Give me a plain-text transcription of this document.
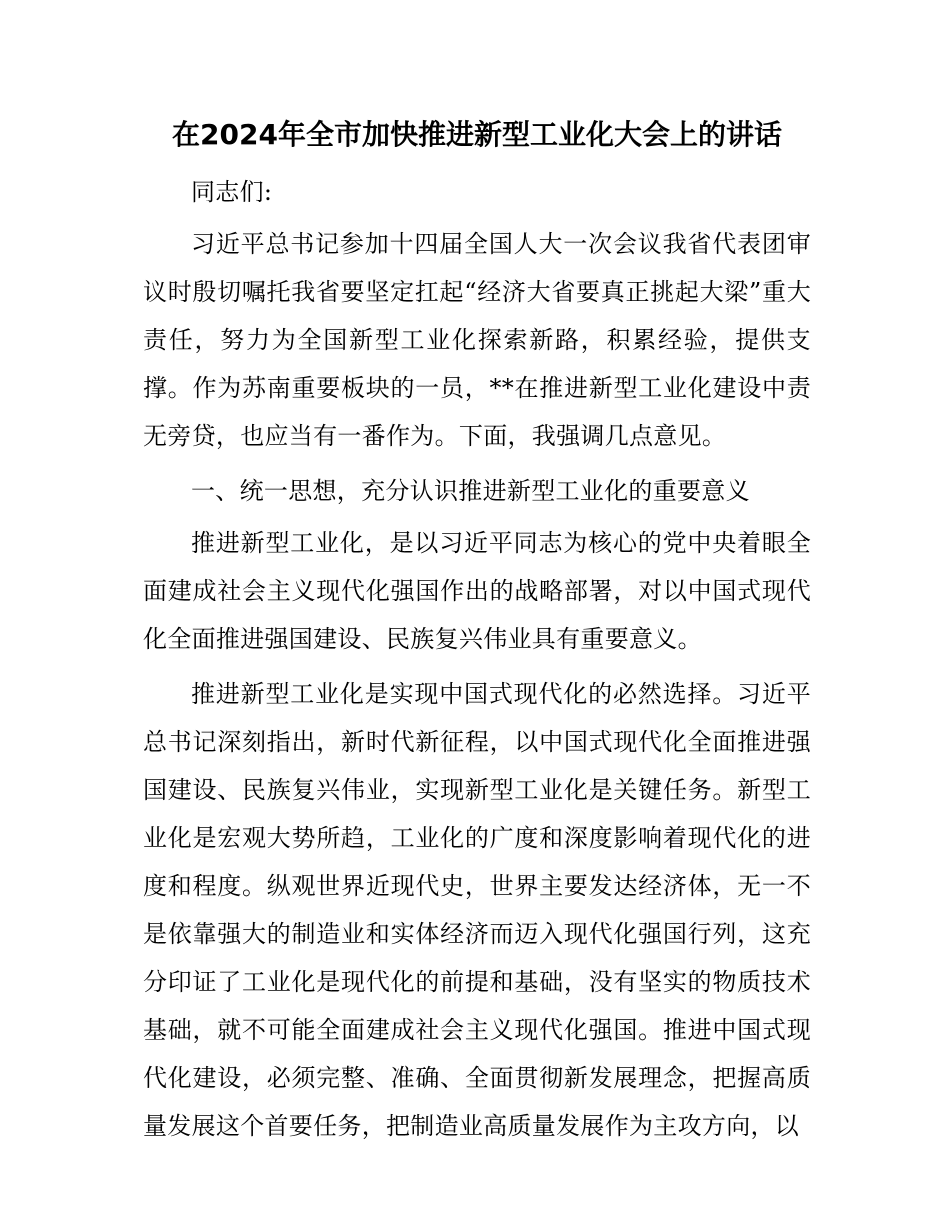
在2024年全市加快推进新型工业化大会上的讲话

同志们:

习近平总书记参加十四届全国人大一次会议我省代表团审议时殷切嘱托我省要坚定扛起“经济大省要真正挑起大梁”重大责任，努力为全国新型工业化探索新路，积累经验，提供支撑。作为苏南重要板块的一员，**在推进新型工业化建设中责无旁贷，也应当有一番作为。下面，我强调几点意见。

一、统一思想，充分认识推进新型工业化的重要意义

推进新型工业化，是以习近平同志为核心的党中央着眼全面建成社会主义现代化强国作出的战略部署，对以中国式现代化全面推进强国建设、民族复兴伟业具有重要意义。

推进新型工业化是实现中国式现代化的必然选择。习近平总书记深刻指出，新时代新征程，以中国式现代化全面推进强国建设、民族复兴伟业，实现新型工业化是关键任务。新型工业化是宏观大势所趋，工业化的广度和深度影响着现代化的进度和程度。纵观世界近现代史，世界主要发达经济体，无一不是依靠强大的制造业和实体经济而迈入现代化强国行列，这充分印证了工业化是现代化的前提和基础，没有坚实的物质技术基础，就不可能全面建成社会主义现代化强国。推进中国式现代化建设，必须完整、准确、全面贯彻新发展理念，把握高质量发展这个首要任务，把制造业高质量发展作为主攻方向，以
